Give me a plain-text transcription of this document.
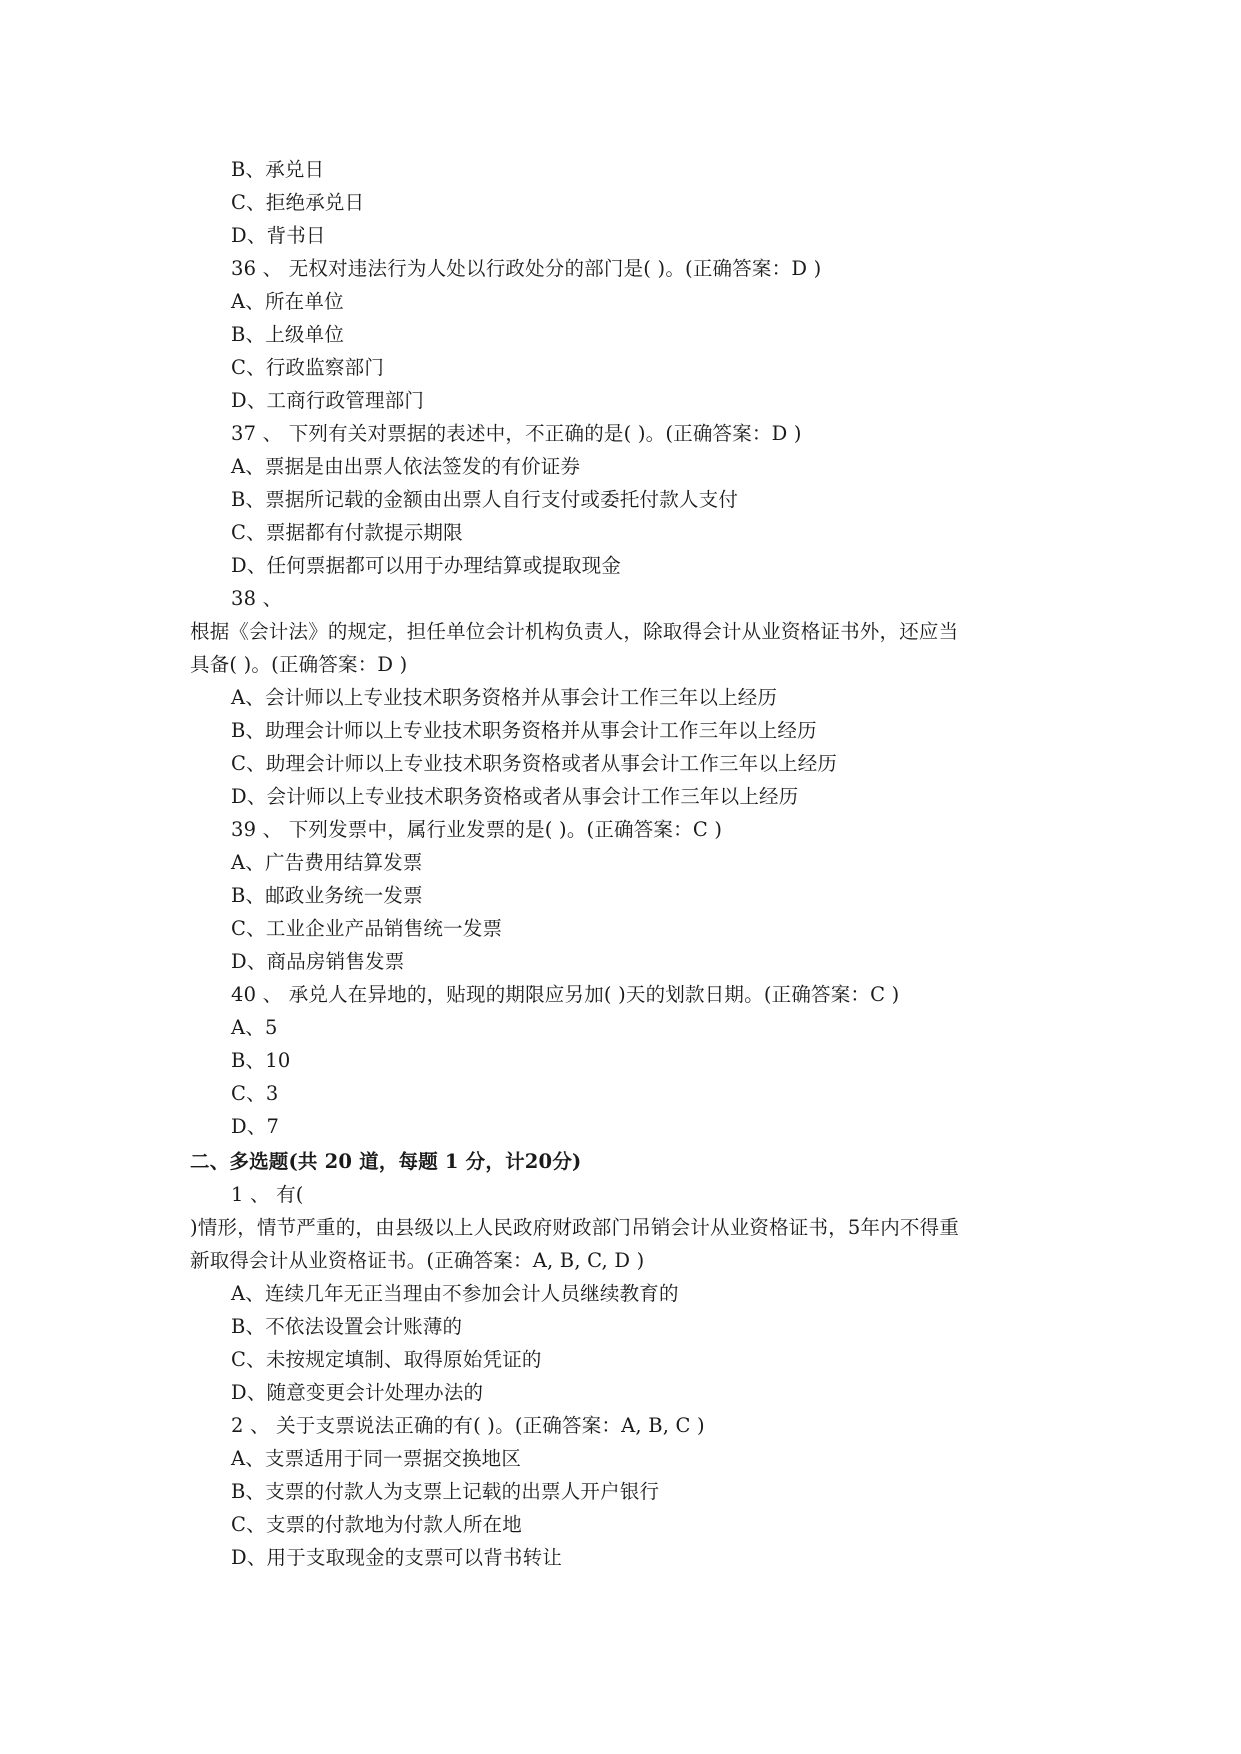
B、承兑日
C、拒绝承兑日
D、背书日
36 、 无权对违法行为人处以行政处分的部门是( )。(正确答案：D )
A、所在单位
B、上级单位
C、行政监察部门
D、工商行政管理部门
37 、 下列有关对票据的表述中，不正确的是( )。(正确答案：D )
A、票据是由出票人依法签发的有价证券
B、票据所记载的金额由出票人自行支付或委托付款人支付
C、票据都有付款提示期限
D、任何票据都可以用于办理结算或提取现金
38 、
根据《会计法》的规定，担任单位会计机构负责人，除取得会计从业资格证书外，还应当
具备( )。(正确答案：D )
A、会计师以上专业技术职务资格并从事会计工作三年以上经历
B、助理会计师以上专业技术职务资格并从事会计工作三年以上经历
C、助理会计师以上专业技术职务资格或者从事会计工作三年以上经历
D、会计师以上专业技术职务资格或者从事会计工作三年以上经历
39 、 下列发票中，属行业发票的是( )。(正确答案：C )
A、广告费用结算发票
B、邮政业务统一发票
C、工业企业产品销售统一发票
D、商品房销售发票
40 、 承兑人在异地的，贴现的期限应另加( )天的划款日期。(正确答案：C )
A、5
B、10
C、3
D、7
二、多选题(共 20 道，每题 1 分，计20分)
1 、 有(
)情形，情节严重的，由县级以上人民政府财政部门吊销会计从业资格证书，5年内不得重
新取得会计从业资格证书。(正确答案：A, B, C, D )
A、连续几年无正当理由不参加会计人员继续教育的
B、不依法设置会计账薄的
C、未按规定填制、取得原始凭证的
D、随意变更会计处理办法的
2 、 关于支票说法正确的有( )。(正确答案：A, B, C )
A、支票适用于同一票据交换地区
B、支票的付款人为支票上记载的出票人开户银行
C、支票的付款地为付款人所在地
D、用于支取现金的支票可以背书转让
